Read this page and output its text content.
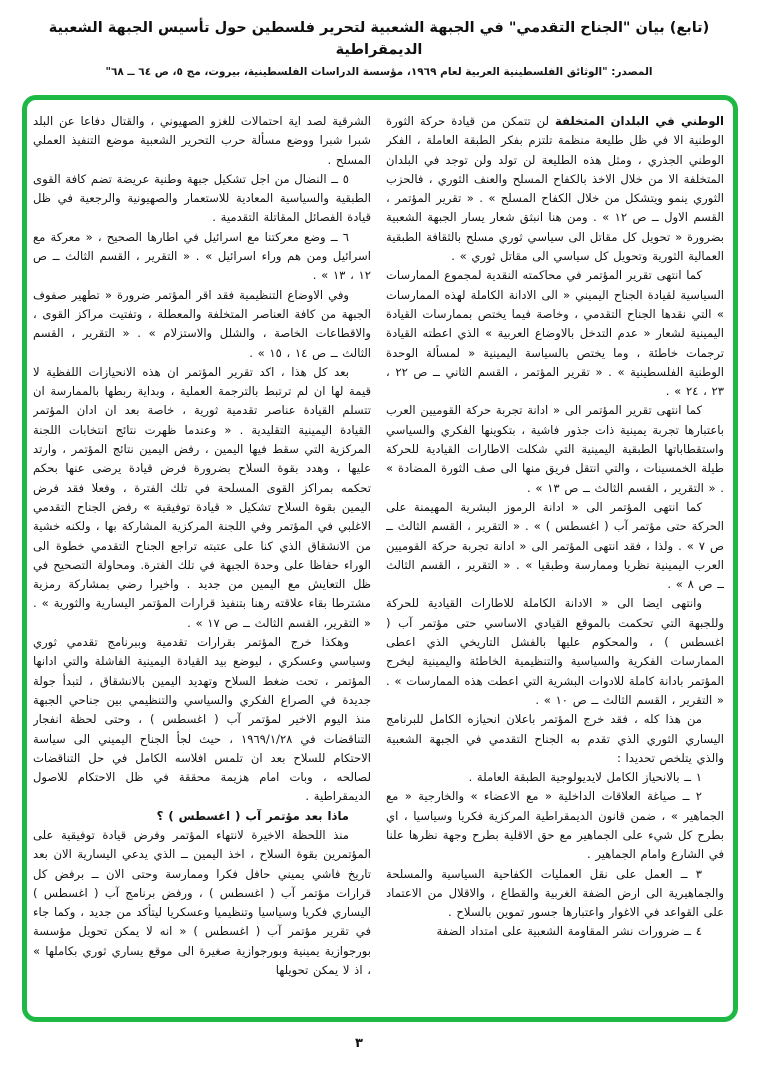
(تابع) بيان "الجناح التقدمي" في الجبهة الشعبية لتحرير فلسطين حول تأسيس الجبهة الشعبية الديمقراطية
المصدر: "الوثائق الفلسطينية العربية لعام ١٩٦٩، مؤسسة الدراسات الفلسطينية، بيروت، مج ٥، ص ٦٤ ــ ٦٨"

الوطني في البلدان المتخلفة لن تتمكن من قيادة حركة الثورة الوطنية الا في ظل طليعة منظمة تلتزم بفكر الطبقة العاملة ، الفكر الوطني الجذري ، ومثل هذه الطليعة لن تولد ولن توجد في البلدان المتخلفة الا من خلال الاخذ بالكفاح المسلح والعنف الثوري ، فالحزب الثوري ينمو ويتشكل من خلال الكفاح المسلح » . « تقرير المؤتمر ، القسم الاول ــ ص ١٢ » . ومن هنا انبثق شعار يسار الجبهة الشعبية بضرورة « تحويل كل مقاتل الى سياسي ثوري مسلح بالثقافة الطبقية العمالية الثورية وتحويل كل سياسي الى مقاتل ثوري » .

كما انتهى تقرير المؤتمر في محاكمته النقدية لمجموع الممارسات السياسية لقيادة الجناح اليميني « الى الادانة الكاملة لهذه الممارسات » التي نقدها الجناح التقدمي ، وخاصة فيما يختص بممارسات القيادة اليمينية لشعار « عدم التدخل بالاوضاع العربية » الذي اعطته القيادة ترجمات خاطئة ، وما يختص بالسياسة اليمينية « لمسألة الوحدة الوطنية الفلسطينية » . « تقرير المؤتمر ، القسم الثاني ــ ص ٢٢ ، ٢٣ ، ٢٤ » .

كما انتهى تقرير المؤتمر الى « ادانة تجربة حركة القوميين العرب باعتبارها تجربة يمينية ذات جذور فاشية ، بتكوينها الفكري والسياسي واستقطاباتها الطبقية اليمينية التي شكلت الاطارات القيادية للحركة طيلة الخمسينات ، والتي انتقل فريق منها الى صف الثورة المضادة » . « التقرير ، القسم الثالث ــ ص ١٣ » .

كما انتهى المؤتمر الى « ادانة الرموز البشرية المهيمنة على الحركة حتى مؤتمر آب ( اغسطس ) » . « التقرير ، القسم الثالث ــ ص ٧ » . ولذا ، فقد انتهى المؤتمر الى « ادانة تجربة حركة القوميين العرب اليمينية نظريا وممارسة وطبقيا » . « التقرير ، القسم الثالث ــ ص ٨ » .

وانتهى ايضا الى « الادانة الكاملة للاطارات القيادية للحركة وللجبهة التي تحكمت بالموقع القيادي الاساسي حتى مؤتمر آب ( اغسطس ) ، والمحكوم عليها بالفشل التاريخي الذي اعطى الممارسات الفكرية والسياسية والتنظيمية الخاطئة واليمينية ليخرج المؤتمر بادانة كاملة للادوات البشرية التي اعطت هذه الممارسات » . « التقرير ، القسم الثالث ــ ص ١٠ » .

من هذا كله ، فقد خرج المؤتمر باعلان انحيازه الكامل للبرنامج اليساري الثوري الذي تقدم به الجناح التقدمي في الجبهة الشعبية والذي يتلخص تحديدا :

١ ــ بالانحياز الكامل لايديولوجية الطبقة العاملة .

٢ ــ صياغة العلاقات الداخلية « مع الاعضاء » والخارجية « مع الجماهير » ، ضمن قانون الديمقراطية المركزية فكريا وسياسيا ، اي بطرح كل شيء على الجماهير مع حق الاقلية بطرح وجهة نظرها علنا في الشارع وامام الجماهير .

٣ ــ العمل على نقل العمليات الكفاحية السياسية والمسلحة والجماهيرية الى ارض الضفة الغربية والقطاع ، والاقلال من الاعتماد على القواعد في الاغوار واعتبارها جسور تموين بالسلاح .

٤ ــ ضرورات نشر المقاومة الشعبية على امتداد الضفة

الشرقية لصد اية احتمالات للغزو الصهيوني ، والقتال دفاعا عن البلد شبرا شبرا ووضع مسألة حرب التحرير الشعبية موضع التنفيذ العملي المسلح .

٥ ــ النضال من اجل تشكيل جبهة وطنية عريضة تضم كافة القوى الطبقية والسياسية المعادية للاستعمار والصهيونية والرجعية في ظل قيادة الفصائل المقاتلة التقدمية .

٦ ــ وضع معركتنا مع اسرائيل في اطارها الصحيح ، « معركة مع اسرائيل ومن هم وراء اسرائيل » . « التقرير ، القسم الثالث ــ ص ١٢ ، ١٣ » .

وفي الاوضاع التنظيمية فقد اقر المؤتمر ضرورة « تطهير صفوف الجبهة من كافة العناصر المتخلفة والمعطلة ، وتفتيت مراكز القوى ، والاقطاعات الخاصة ، والشلل والاستزلام » . « التقرير ، القسم الثالث ــ ص ١٤ ، ١٥ » .

بعد كل هذا ، اكد تقرير المؤتمر ان هذه الانحيازات اللفظية لا قيمة لها ان لم ترتبط بالترجمة العملية ، وبداية ربطها بالممارسة ان تتسلم القيادة عناصر تقدمية ثورية ، خاصة بعد ان ادان المؤتمر القيادة اليمينية التقليدية . « وعندما ظهرت نتائج انتخابات اللجنة المركزية التي سقط فيها اليمين ، رفض اليمين نتائج المؤتمر ، وارتد عليها ، وهدد بقوة السلاح بضرورة فرض قيادة يرضى عنها بحكم تحكمه بمراكز القوى المسلحة في تلك الفترة ، وفعلا فقد فرض اليمين بقوة السلاح تشكيل « قيادة توفيقية » رفض الجناح التقدمي الاغلبي في المؤتمر وفي اللجنة المركزية المشاركة بها ، ولكنه خشية من الانشقاق الذي كنا على عتبته تراجع الجناح التقدمي خطوة الى الوراء حفاظا على وحدة الجبهة في تلك الفترة. ومحاولة التصحيح في ظل التعايش مع اليمين من جديد . واخيرا رضي بمشاركة رمزية مشترطا بقاء علاقته رهنا بتنفيذ قرارات المؤتمر اليسارية والثورية » . « التقرير، القسم الثالث ــ ص ١٧ » .

وهكذا خرج المؤتمر بقرارات تقدمية وببرنامج تقدمي ثوري وسياسي وعسكري ، ليوضع بيد القيادة اليمينية الفاشلة والتي ادانها المؤتمر ، تحت ضغط السلاح وتهديد اليمين بالانشقاق ، لتبدأ جولة جديدة في الصراع الفكري والسياسي والتنظيمي بين جناحي الجبهة منذ اليوم الاخير لمؤتمر آب ( اغسطس ) ، وحتى لحظة انفجار التناقضات في ١٩٦٩/١/٢٨ ، حيث لجأ الجناح اليميني الى سياسة الاحتكام للسلاح بعد ان تلمس افلاسه الكامل في حل التناقضات لصالحه ، وبات امام هزيمة محققة في ظل الاحتكام للاصول الديمقراطية .

ماذا بعد مؤتمر آب ( اغسطس ) ؟

منذ اللحظة الاخيرة لانتهاء المؤتمر وفرض قيادة توفيقية على المؤتمرين بقوة السلاح ، اخذ اليمين ــ الذي يدعي اليسارية الان بعد تاريخ فاشي يميني حافل فكرا وممارسة وحتى الان ــ برفض كل قرارات مؤتمر آب ( اغسطس ) ، ورفض برنامج آب ( اغسطس ) اليساري فكريا وسياسيا وتنظيميا وعسكريا ليتأكد من جديد ، وكما جاء في تقرير مؤتمر آب ( اغسطس ) « انه لا يمكن تحويل مؤسسة بورجوازية يمينية وبورجوازية صغيرة الى موقع يساري ثوري بكاملها » ، اذ لا يمكن تحويلها

٣
